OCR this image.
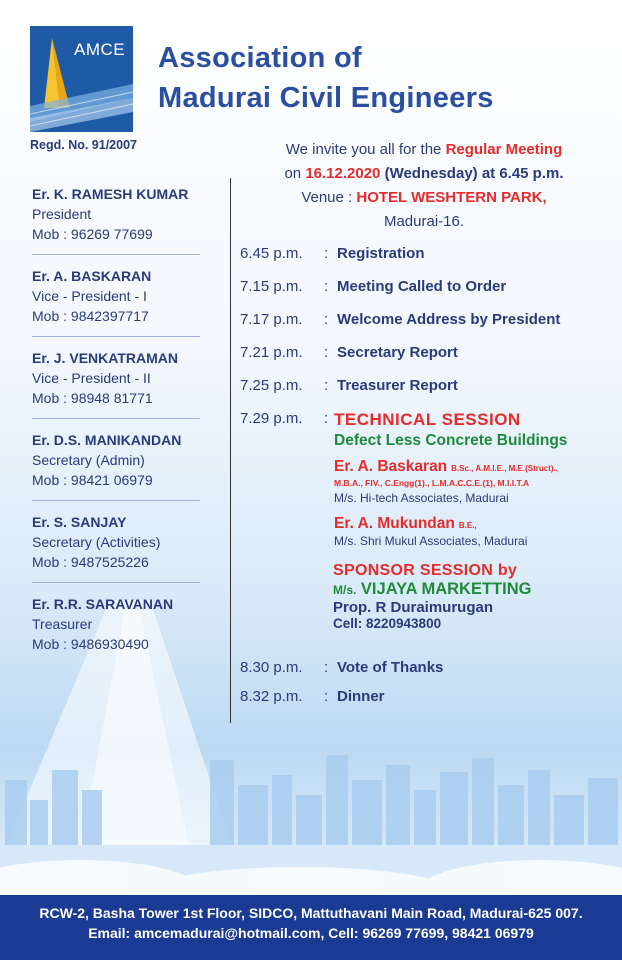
AMCE
Regd. No. 91/2007
Association of
Madurai Civil Engineers
Er. K. RAMESH KUMAR
President
Mob : 96269 77699
Er. A. BASKARAN
Vice - President - I
Mob : 9842397717
Er. J. VENKATRAMAN
Vice - President - II
Mob : 98948 81771
Er. D.S. MANIKANDAN
Secretary (Admin)
Mob : 98421 06979
Er. S. SANJAY
Secretary (Activities)
Mob : 9487525226
Er. R.R. SARAVANAN
Treasurer
Mob : 9486930490
We invite you all for the Regular Meeting
on 16.12.2020 (Wednesday) at 6.45 p.m.
Venue : HOTEL WESHTERN PARK,
Madurai-16.
6.45 p.m. : Registration
7.15 p.m. : Meeting Called to Order
7.17 p.m. : Welcome Address by President
7.21 p.m. : Secretary Report
7.25 p.m. : Treasurer Report
7.29 p.m. : TECHNICAL SESSION
Defect Less Concrete Buildings
Er. A. Baskaran B.Sc., A.M.I.E., M.E.(Struct).,
M.B.A., FIV., C.Engg(1)., L.M.A.C.C.E.(1), M.I.I.T.A
M/s. Hi-tech Associates, Madurai
Er. A. Mukundan B.E.,
M/s. Shri Mukul Associates, Madurai
SPONSOR SESSION by
M/s. VIJAYA MARKETTING
Prop. R Duraimurugan
Cell: 8220943800
8.30 p.m. : Vote of Thanks
8.32 p.m. : Dinner
RCW-2, Basha Tower 1st Floor, SIDCO, Mattuthavani Main Road, Madurai-625 007.
Email: amcemadurai@hotmail.com, Cell: 96269 77699, 98421 06979
